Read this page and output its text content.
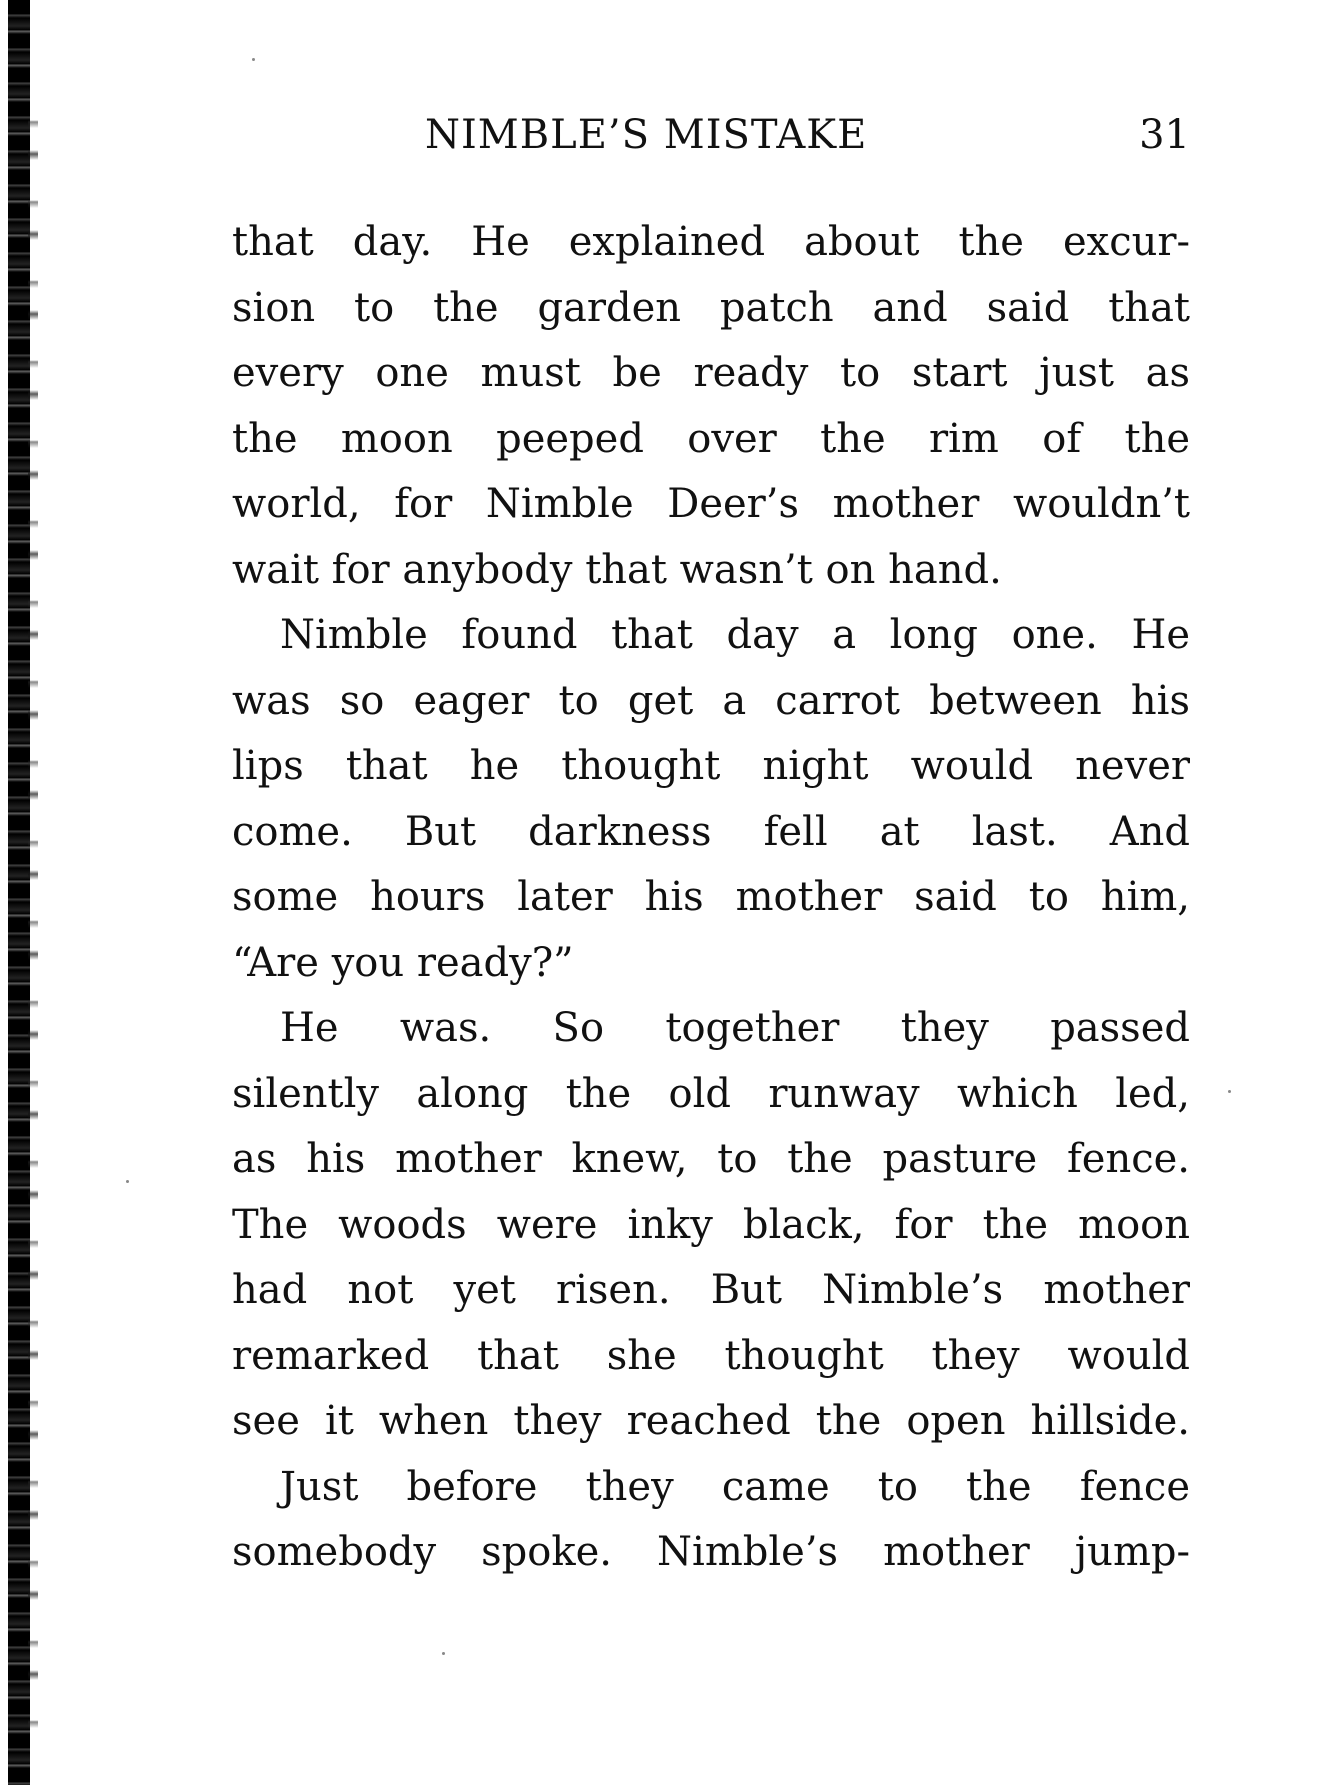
NIMBLE’S MISTAKE	31
that day. He explained about the excur-
sion to the garden patch and said that
every one must be ready to start just as
the moon peeped over the rim of the
world, for Nimble Deer’s mother wouldn’t
wait for anybody that wasn’t on hand.
Nimble found that day a long one. He
was so eager to get a carrot between his
lips that he thought night would never
come. But darkness fell at last. And
some hours later his mother said to him,
“Are you ready?”
He was. So together they passed
silently along the old runway which led,
as his mother knew, to the pasture fence.
The woods were inky black, for the moon
had not yet risen. But Nimble’s mother
remarked that she thought they would
see it when they reached the open hillside.
Just before they came to the fence
somebody spoke. Nimble’s mother jump-
